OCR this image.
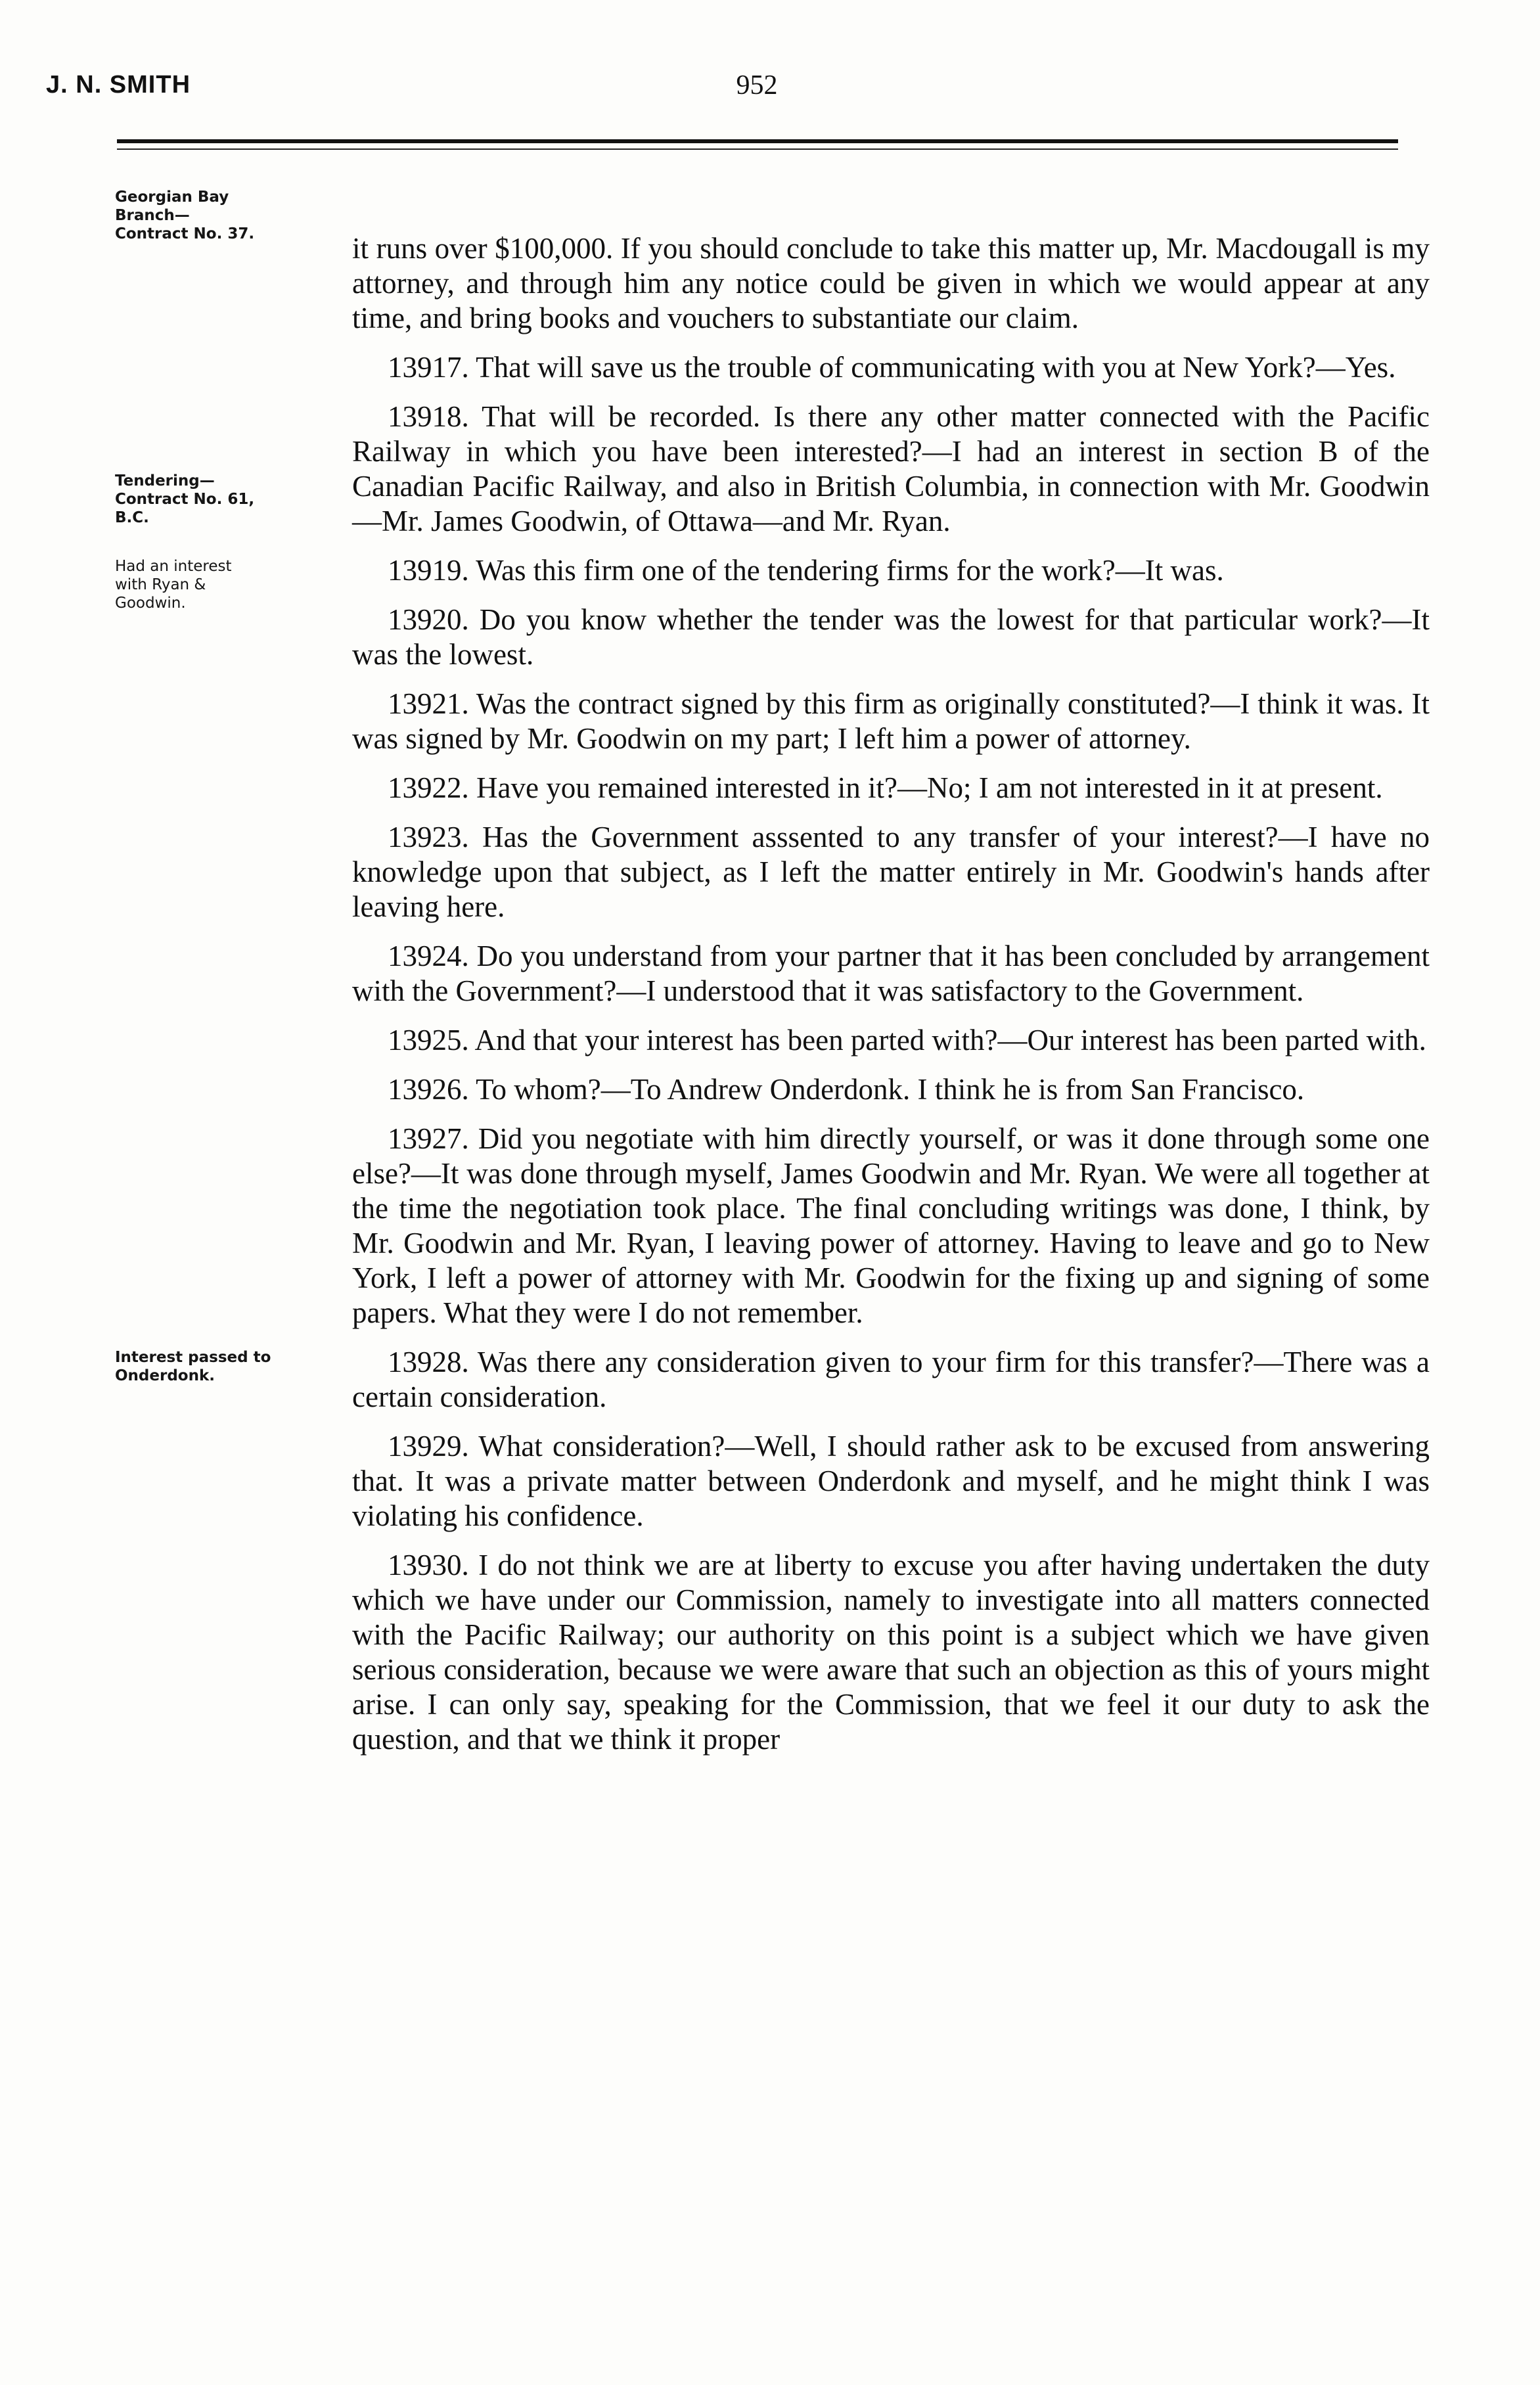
J. N. SMITH	952
Georgian Bay
Branch—
Contract No. 37.
Tendering—
Contract No. 61,
B.C.
Had an interest
with Ryan &
Goodwin.
Interest passed to
Onderdonk.

it runs over $100,000. If you should conclude to take this matter up, Mr. Macdougall is my attorney, and through him any notice could be given in which we would appear at any time, and bring books and vouchers to substantiate our claim.

13917. That will save us the trouble of communicating with you at New York?—Yes.

13918. That will be recorded. Is there any other matter connected with the Pacific Railway in which you have been interested?—I had an interest in section B of the Canadian Pacific Railway, and also in British Columbia, in connection with Mr. Goodwin—Mr. James Goodwin, of Ottawa—and Mr. Ryan.

13919. Was this firm one of the tendering firms for the work?—It was.

13920. Do you know whether the tender was the lowest for that particular work?—It was the lowest.

13921. Was the contract signed by this firm as originally constituted?—I think it was. It was signed by Mr. Goodwin on my part; I left him a power of attorney.

13922. Have you remained interested in it?—No; I am not interested in it at present.

13923. Has the Government asssented to any transfer of your interest?—I have no knowledge upon that subject, as I left the matter entirely in Mr. Goodwin's hands after leaving here.

13924. Do you understand from your partner that it has been concluded by arrangement with the Government?—I understood that it was satisfactory to the Government.

13925. And that your interest has been parted with?—Our interest has been parted with.

13926. To whom?—To Andrew Onderdonk. I think he is from San Francisco.

13927. Did you negotiate with him directly yourself, or was it done through some one else?—It was done through myself, James Goodwin and Mr. Ryan. We were all together at the time the negotiation took place. The final concluding writings was done, I think, by Mr. Goodwin and Mr. Ryan, I leaving power of attorney. Having to leave and go to New York, I left a power of attorney with Mr. Goodwin for the fixing up and signing of some papers. What they were I do not remember.

13928. Was there any consideration given to your firm for this transfer?—There was a certain consideration.

13929. What consideration?—Well, I should rather ask to be excused from answering that. It was a private matter between Onderdonk and myself, and he might think I was violating his confidence.

13930. I do not think we are at liberty to excuse you after having undertaken the duty which we have under our Commission, namely to investigate into all matters connected with the Pacific Railway; our authority on this point is a subject which we have given serious consideration, because we were aware that such an objection as this of yours might arise. I can only say, speaking for the Commission, that we feel it our duty to ask the question, and that we think it proper
